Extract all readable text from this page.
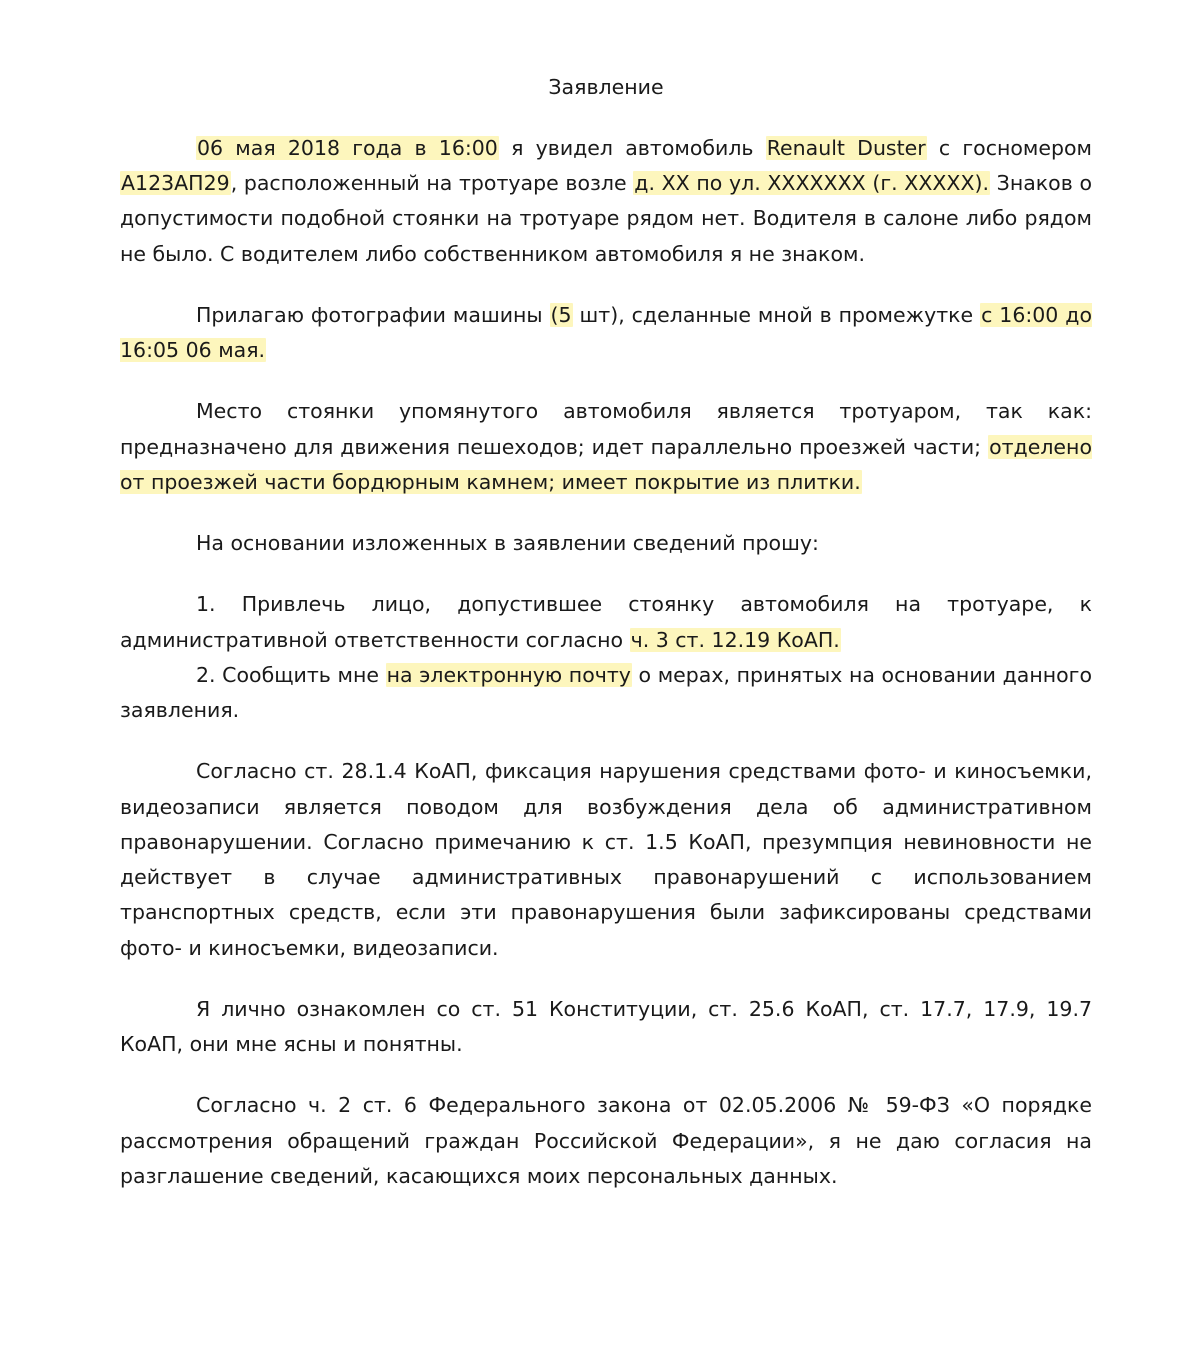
Заявление

06 мая 2018 года в 16:00 я увидел автомобиль Renault Duster с госномером А123АП29, расположенный на тротуаре возле д. ХХ по ул. ХХХХХХХ (г. ХХХХХ). Знаков о допустимости подобной стоянки на тротуаре рядом нет. Водителя в салоне либо рядом не было. С водителем либо собственником автомобиля я не знаком.

Прилагаю фотографии машины (5 шт), сделанные мной в промежутке с 16:00 до 16:05 06 мая.

Место стоянки упомянутого автомобиля является тротуаром, так как: предназначено для движения пешеходов; идет параллельно проезжей части; отделено от проезжей части бордюрным камнем; имеет покрытие из плитки.

На основании изложенных в заявлении сведений прошу:

1. Привлечь лицо, допустившее стоянку автомобиля на тротуаре, к административной ответственности согласно ч. 3 ст. 12.19 КоАП.

2. Сообщить мне на электронную почту о мерах, принятых на основании данного заявления.

Согласно ст. 28.1.4 КоАП, фиксация нарушения средствами фото- и киносъемки, видеозаписи является поводом для возбуждения дела об административном правонарушении. Согласно примечанию к ст. 1.5 КоАП, презумпция невиновности не действует в случае административных правонарушений с использованием транспортных средств, если эти правонарушения были зафиксированы средствами фото- и киносъемки, видеозаписи.

Я лично ознакомлен со ст. 51 Конституции, ст. 25.6 КоАП, ст. 17.7, 17.9, 19.7 КоАП, они мне ясны и понятны.

Согласно ч. 2 ст. 6 Федерального закона от 02.05.2006 № 59-ФЗ «О порядке рассмотрения обращений граждан Российской Федерации», я не даю согласия на разглашение сведений, касающихся моих персональных данных.
